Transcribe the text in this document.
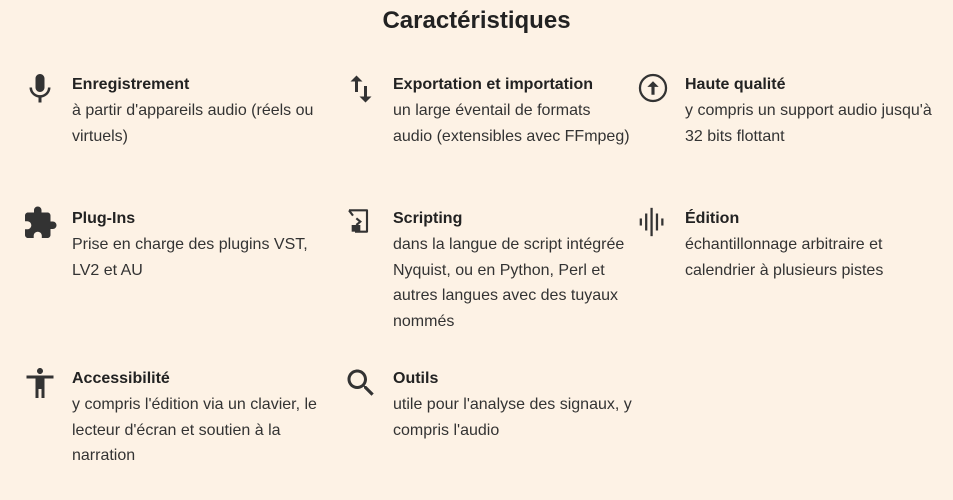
Caractéristiques
Enregistrement
à partir d'appareils audio (réels ou virtuels)
Exportation et importation
un large éventail de formats audio (extensibles avec FFmpeg)
Haute qualité
y compris un support audio jusqu'à 32 bits flottant
Plug-Ins
Prise en charge des plugins VST, LV2 et AU
Scripting
dans la langue de script intégrée Nyquist, ou en Python, Perl et autres langues avec des tuyaux nommés
Édition
échantillonnage arbitraire et calendrier à plusieurs pistes
Accessibilité
y compris l'édition via un clavier, le lecteur d'écran et soutien à la narration
Outils
utile pour l'analyse des signaux, y compris l'audio
